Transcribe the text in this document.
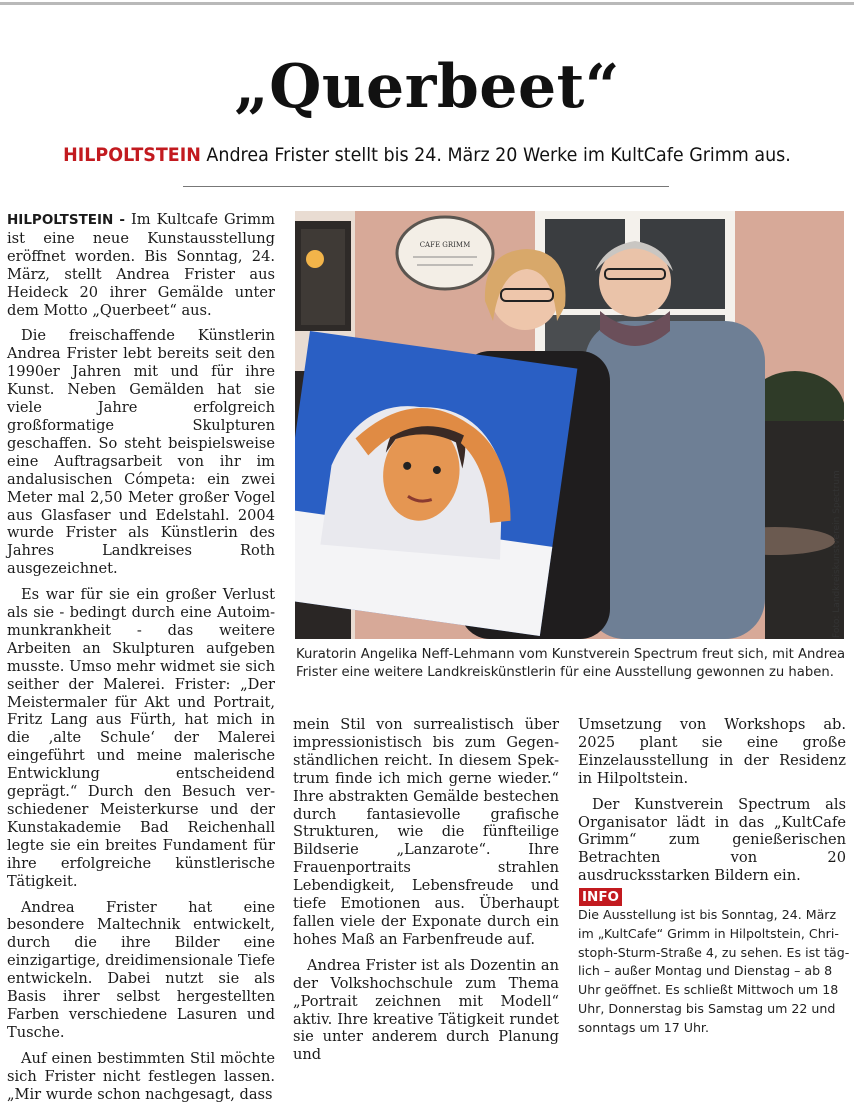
„Querbeet“
HILPOLTSTEIN Andrea Frister stellt bis 24. März 20 Werke im KultCafe Grimm aus.

HILPOLTSTEIN - Im Kultcafe Grimm ist eine neue Kunstausstellung eröffnet worden. Bis Sonntag, 24. März, stellt Andrea Frister aus Heideck 20 ihrer Gemälde unter dem Motto „Querbeet“ aus.

Die freischaffende Künstlerin Andrea Frister lebt bereits seit den 1990er Jahren mit und für ihre Kunst. Neben Gemälden hat sie viele Jahre erfolgreich großformatige Skulpturen geschaffen. So steht beispielsweise eine Auftragsarbeit von ihr im andalusischen Cómpeta: ein zwei Meter mal 2,50 Meter großer Vogel aus Glasfaser und Edelstahl. 2004 wurde Frister als Künstlerin des Jahres Landkreises Roth ausgezeichnet.

Es war für sie ein großer Verlust als sie - bedingt durch eine Autoimmunkrankheit - das weitere Arbeiten an Skulpturen aufgeben musste. Umso mehr widmet sie sich seither der Malerei. Frister: „Der Meistermaler für Akt und Portrait, Fritz Lang aus Fürth, hat mich in die ‚alte Schule‘ der Malerei eingeführt und meine malerische Entwicklung entscheidend geprägt.“ Durch den Besuch verschiedener Meisterkurse und der Kunstakademie Bad Reichenhall legte sie ein breites Fundament für ihre erfolgreiche künstlerische Tätigkeit.

Andrea Frister hat eine besondere Maltechnik entwickelt, durch die ihre Bilder eine einzigartige, dreidimensionale Tiefe entwickeln. Dabei nutzt sie als Basis ihrer selbst hergestellten Farben verschiedene Lasuren und Tusche.

Auf einen bestimmten Stil möchte sich Frister nicht festlegen lassen. „Mir wurde schon nachgesagt, dass

CAFE GRIMM
Foto: Landkreiskunstverein Spectrum
Kuratorin Angelika Neff-Lehmann vom Kunstverein Spectrum freut sich, mit Andrea Frister eine weitere Landkreiskünstlerin für eine Ausstellung gewonnen zu haben.

mein Stil von surrealistisch über impressionistisch bis zum Gegenständlichen reicht. In diesem Spektrum finde ich mich gerne wieder.“ Ihre abstrakten Gemälde bestechen durch fantasievolle grafische Strukturen, wie die fünfteilige Bildserie „Lanzarote“. Ihre Frauenportraits strahlen Lebendigkeit, Lebensfreude und tiefe Emotionen aus. Überhaupt fallen viele der Exponate durch ein hohes Maß an Farbenfreude auf.

Andrea Frister ist als Dozentin an der Volkshochschule zum Thema „Portrait zeichnen mit Modell“ aktiv. Ihre kreative Tätigkeit rundet sie unter anderem durch Planung und

Umsetzung von Workshops ab. 2025 plant sie eine große Einzelausstellung in der Residenz in Hilpoltstein.

Der Kunstverein Spectrum als Organisator lädt in das „KultCafe Grimm“ zum genießerischen Betrachten von 20 ausdrucksstarken Bildern ein.

INFO
Die Ausstellung ist bis Sonntag, 24. März im „KultCafe“ Grimm in Hilpoltstein, Christoph-Sturm-Straße 4, zu sehen. Es ist täglich – außer Montag und Dienstag – ab 8 Uhr geöffnet. Es schließt Mittwoch um 18 Uhr, Donnerstag bis Samstag um 22 und sonntags um 17 Uhr.
